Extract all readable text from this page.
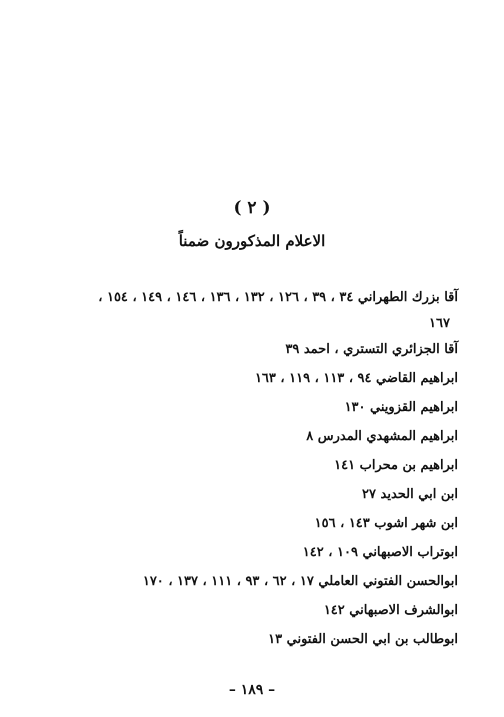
( ٢ )
الاعلام المذكورون ضمناً
آقا بزرك الطهراني ٣٤ ، ٣٩ ، ١٢٦ ، ١٣٢ ، ١٣٦ ، ١٤٦ ، ١٤٩ ، ١٥٤ ،
١٦٧
آقا الجزائري التستري ، احمد ٣٩
ابراهيم القاضي ٩٤ ، ١١٣ ، ١١٩ ، ١٦٣
ابراهيم القزويني ١٣٠
ابراهيم المشهدي المدرس ٨
ابراهيم بن محراب ١٤١
ابن ابي الحديد ٢٧
ابن شهر اشوب ١٤٣ ، ١٥٦
ابوتراب الاصبهاني ١٠٩ ، ١٤٢
ابوالحسن الفتوني العاملي ١٧ ، ٦٢ ، ٩٣ ، ١١١ ، ١٣٧ ، ١٧٠
ابوالشرف الاصبهاني ١٤٢
ابوطالب بن ابي الحسن الفتوني ١٣
– ١٨٩ –
